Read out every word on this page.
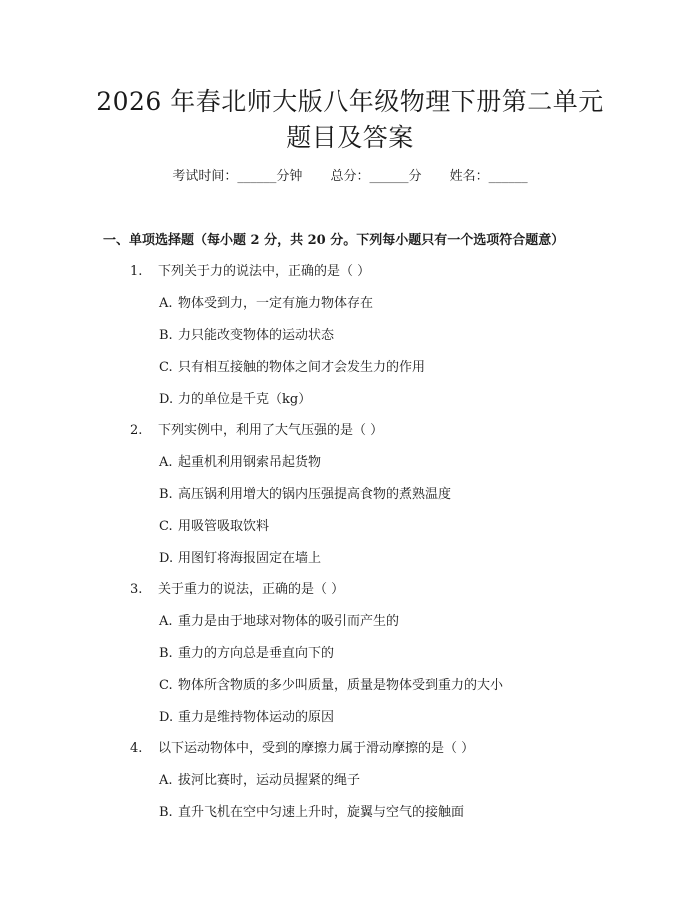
2026 年春北师大版八年级物理下册第二单元
题目及答案
考试时间：______分钟 总分：______分 姓名：______
一、单项选择题（每小题 2 分，共 20 分。下列每小题只有一个选项符合题意）
1. 下列关于力的说法中，正确的是（ ）
A. 物体受到力，一定有施力物体存在
B. 力只能改变物体的运动状态
C. 只有相互接触的物体之间才会发生力的作用
D. 力的单位是千克（kg）
2. 下列实例中，利用了大气压强的是（ ）
A. 起重机利用钢索吊起货物
B. 高压锅利用增大的锅内压强提高食物的煮熟温度
C. 用吸管吸取饮料
D. 用图钉将海报固定在墙上
3. 关于重力的说法，正确的是（ ）
A. 重力是由于地球对物体的吸引而产生的
B. 重力的方向总是垂直向下的
C. 物体所含物质的多少叫质量，质量是物体受到重力的大小
D. 重力是维持物体运动的原因
4. 以下运动物体中，受到的摩擦力属于滑动摩擦的是（ ）
A. 拔河比赛时，运动员握紧的绳子
B. 直升飞机在空中匀速上升时，旋翼与空气的接触面
